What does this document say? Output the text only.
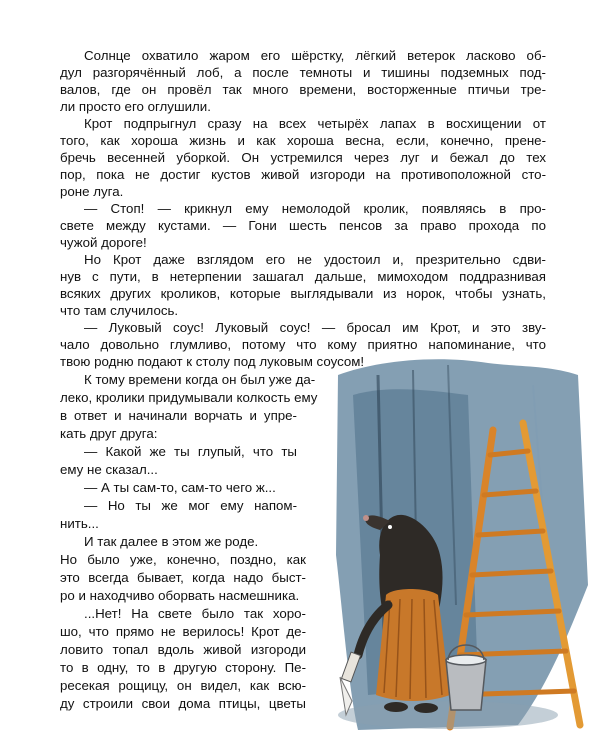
Солнце охватило жаром его шёрстку, лёгкий ветерок ласково об-
дул разгорячённый лоб, а после темноты и тишины подземных под-
валов, где он провёл так много времени, восторженные птичьи тре-
ли просто его оглушили.
Крот подпрыгнул сразу на всех четырёх лапах в восхищении от
того, как хороша жизнь и как хороша весна, если, конечно, прене-
бречь весенней уборкой. Он устремился через луг и бежал до тех
пор, пока не достиг кустов живой изгороди на противоположной сто-
роне луга.
— Стоп! — крикнул ему немолодой кролик, появляясь в про-
свете между кустами. — Гони шесть пенсов за право прохода по
чужой дороге!
Но Крот даже взглядом его не удостоил и, презрительно сдви-
нув с пути, в нетерпении зашагал дальше, мимоходом поддразнивая
всяких других кроликов, которые выглядывали из норок, чтобы узнать,
что там случилось.
— Луковый соус! Луковый соус! — бросал им Крот, и это зву-
чало довольно глумливо, потому что кому приятно напоминание, что
твою родню подают к столу под луковым соусом!
К тому времени когда он был уже да-
леко, кролики придумывали колкость ему
в ответ и начинали ворчать и упре-
кать друг друга:
— Какой же ты глупый, что ты
ему не сказал...
— А ты сам-то, сам-то чего ж...
— Но ты же мог ему напом-
нить...
И так далее в этом же роде.
Но было уже, конечно, поздно, как
это всегда бывает, когда надо быст-
ро и находчиво оборвать насмешника.
...Нет! На свете было так хоро-
шо, что прямо не верилось! Крот де-
ловито топал вдоль живой изгороди
то в одну, то в другую сторону. Пе-
ресекая рощицу, он видел, как всю-
ду строили свои дома птицы, цветы
